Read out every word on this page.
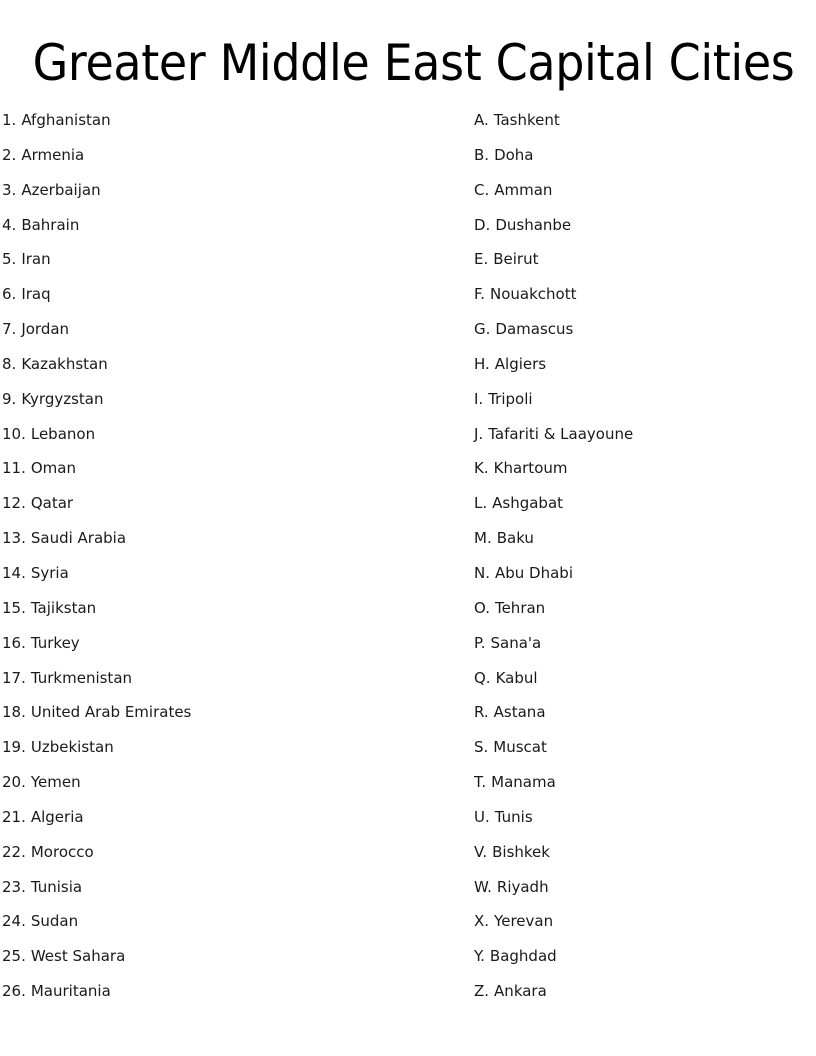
Greater Middle East Capital Cities
1. Afghanistan
2. Armenia
3. Azerbaijan
4. Bahrain
5. Iran
6. Iraq
7. Jordan
8. Kazakhstan
9. Kyrgyzstan
10. Lebanon
11. Oman
12. Qatar
13. Saudi Arabia
14. Syria
15. Tajikstan
16. Turkey
17. Turkmenistan
18. United Arab Emirates
19. Uzbekistan
20. Yemen
21. Algeria
22. Morocco
23. Tunisia
24. Sudan
25. West Sahara
26. Mauritania
A. Tashkent
B. Doha
C. Amman
D. Dushanbe
E. Beirut
F. Nouakchott
G. Damascus
H. Algiers
I. Tripoli
J. Tafariti & Laayoune
K. Khartoum
L. Ashgabat
M. Baku
N. Abu Dhabi
O. Tehran
P. Sana'a
Q. Kabul
R. Astana
S. Muscat
T. Manama
U. Tunis
V. Bishkek
W. Riyadh
X. Yerevan
Y. Baghdad
Z. Ankara
